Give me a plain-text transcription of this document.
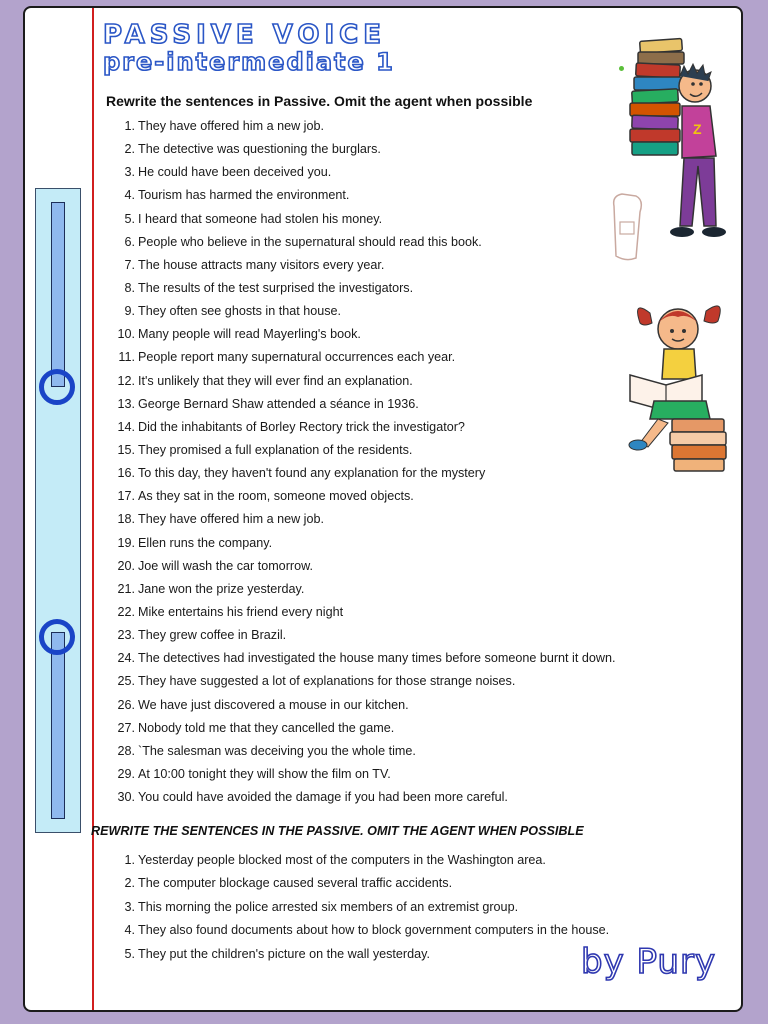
PASSIVE VOICE
pre-intermediate 1
Rewrite the sentences in Passive. Omit the agent when possible
1. They have offered him a new job.
2. The detective was questioning the burglars.
3. He could have been deceived you.
4. Tourism has harmed the environment.
5. I heard that someone had stolen his money.
6. People who believe in the supernatural should read this book.
7. The house attracts many visitors every year.
8. The results of the test surprised the investigators.
9. They often see ghosts in that house.
10. Many people will read Mayerling's book.
11. People report many supernatural occurrences each year.
12. It's unlikely that they will ever find an explanation.
13. George Bernard Shaw attended a séance in 1936.
14. Did the inhabitants of Borley Rectory trick the investigator?
15. They promised a full explanation of the residents.
16. To this day, they haven't found any explanation for the mystery
17. As they sat in the room, someone moved objects.
18. They have offered him a new job.
19. Ellen runs the company.
20. Joe will wash the car tomorrow.
21. Jane won the prize yesterday.
22. Mike entertains his friend every night
23. They grew coffee in Brazil.
24. The detectives had investigated the house many times before someone burnt it down.
25. They have suggested a lot of explanations for those strange noises.
26. We have just discovered a mouse in our kitchen.
27. Nobody told me that they cancelled the game.
28. `The salesman was deceiving you the whole time.
29. At 10:00 tonight they will show the film on TV.
30. You could have avoided the damage if you had been more careful.
REWRITE THE SENTENCES IN THE PASSIVE. OMIT THE AGENT WHEN POSSIBLE
1. Yesterday people blocked most of the computers in the Washington area.
2. The computer blockage caused several traffic accidents.
3. This morning the police arrested six members of an extremist group.
4. They also found documents about how to block government computers in the house.
5. They put the children's picture on the wall yesterday.
Z
by Pury
